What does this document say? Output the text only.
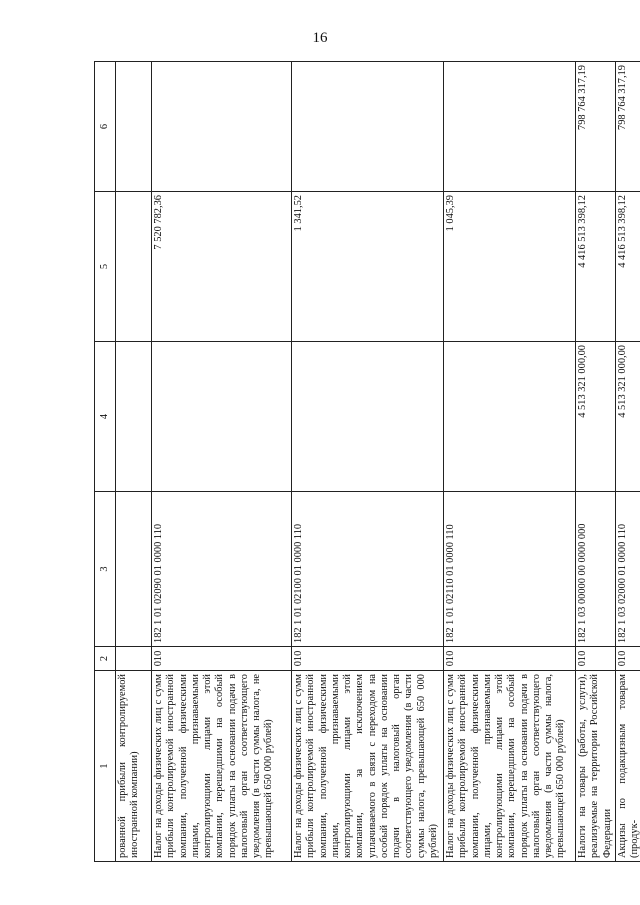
16
1	2	3	4	5	6
рованной прибыли контролируемой иностранной компании)					
Налог на доходы физических лиц с сумм прибыли контролируемой иностранной компании, полученной физическими лицами, признаваемыми контролирующими лицами этой компании, перешедшими на особый порядок уплаты на основании подачи в налоговый орган соответствующего уведомления (в части суммы налога, не превышающей 650 000 рублей)	010	182 1 01 02090 01 0000 110		7 520 782,36	
Налог на доходы физических лиц с сумм прибыли контролируемой иностранной компании, полученной физическими лицами, признаваемыми контролирующими лицами этой компании, за исключением уплачиваемого в связи с переходом на особый порядок уплаты на основании подачи в налоговый орган соответствующего уведомления (в части суммы налога, превышающей 650 000 рублей)	010	182 1 01 02100 01 0000 110		1 341,52	
Налог на доходы физических лиц с сумм прибыли контролируемой иностранной компании, полученной физическими лицами, признаваемыми контролирующими лицами этой компании, перешедшими на особый порядок уплаты на основании подачи в налоговый орган соответствующего уведомления (в части суммы налога, превышающей 650 000 рублей)	010	182 1 01 02110 01 0000 110		1 045,39	
Налоги на товары (работы, услуги), реализуемые на территории Российской Федерации	010	182 1 03 00000 00 0000 000	4 513 321 000,00	4 416 513 398,12	798 764 317,19
Акцизы по подакцизным товарам (продук-	010	182 1 03 02000 01 0000 110	4 513 321 000,00	4 416 513 398,12	798 764 317,19
